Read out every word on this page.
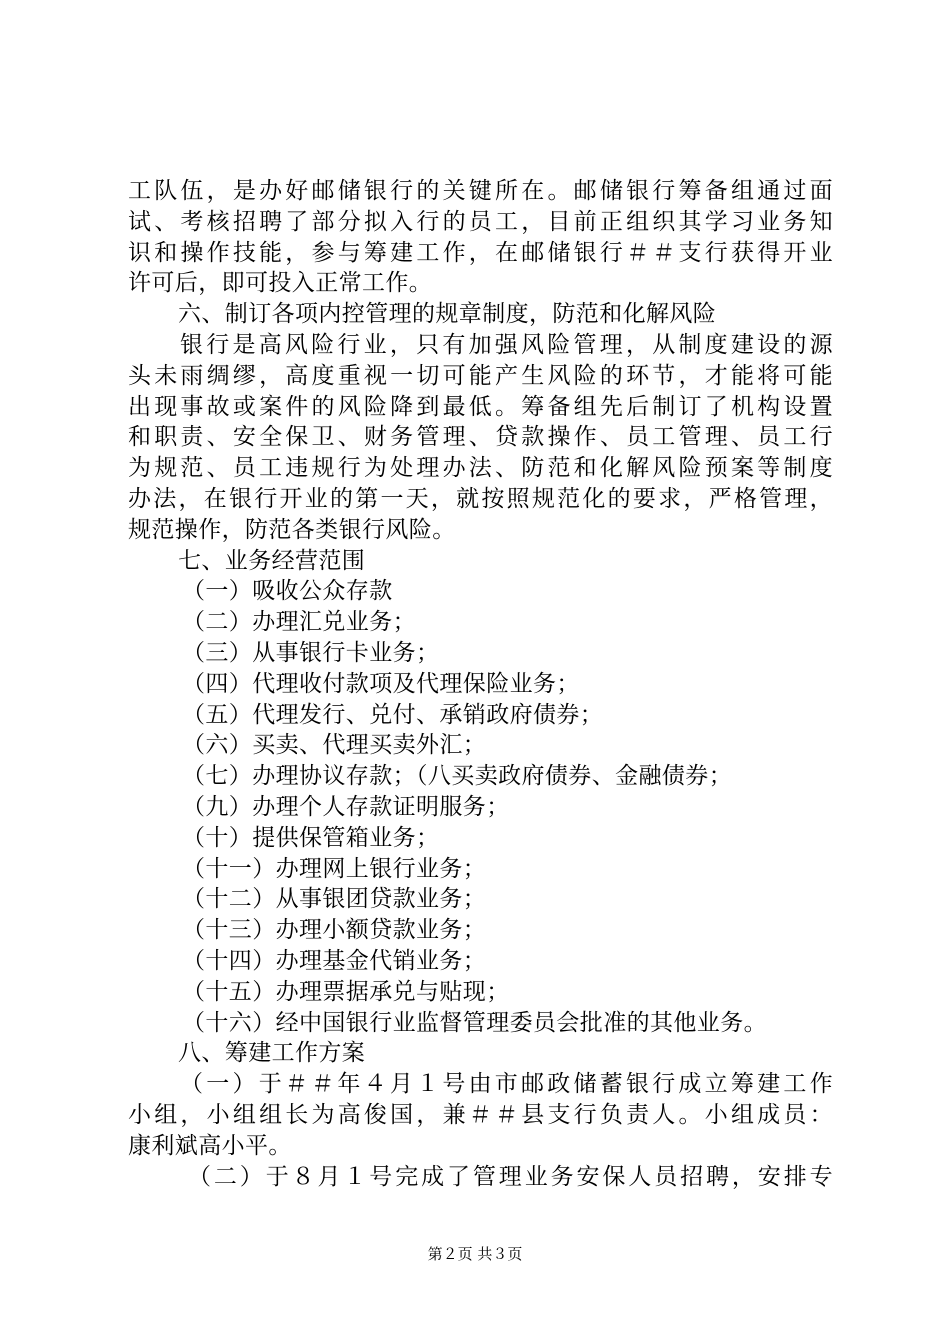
工队伍，是办好邮储银行的关键所在。邮储银行筹备组通过面
试、考核招聘了部分拟入行的员工，目前正组织其学习业务知
识和操作技能，参与筹建工作，在邮储银行＃＃支行获得开业
许可后，即可投入正常工作。
六、制订各项内控管理的规章制度，防范和化解风险
银行是高风险行业，只有加强风险管理，从制度建设的源
头未雨绸缪，高度重视一切可能产生风险的环节，才能将可能
出现事故或案件的风险降到最低。筹备组先后制订了机构设置
和职责、安全保卫、财务管理、贷款操作、员工管理、员工行
为规范、员工违规行为处理办法、防范和化解风险预案等制度
办法，在银行开业的第一天，就按照规范化的要求，严格管理，
规范操作，防范各类银行风险。
七、业务经营范围
（一）吸收公众存款
（二）办理汇兑业务；
（三）从事银行卡业务；
（四）代理收付款项及代理保险业务；
（五）代理发行、兑付、承销政府债券；
（六）买卖、代理买卖外汇；
（七）办理协议存款；（八买卖政府债券、金融债券；
（九）办理个人存款证明服务；
（十）提供保管箱业务；
（十一）办理网上银行业务；
（十二）从事银团贷款业务；
（十三）办理小额贷款业务；
（十四）办理基金代销业务；
（十五）办理票据承兑与贴现；
（十六）经中国银行业监督管理委员会批准的其他业务。
八、筹建工作方案
（一）于＃＃年４月１号由市邮政储蓄银行成立筹建工作
小组，小组组长为高俊国，兼＃＃县支行负责人。小组成员：
康利斌高小平。
（二）于８月１号完成了管理业务安保人员招聘，安排专
第２页 共３页
